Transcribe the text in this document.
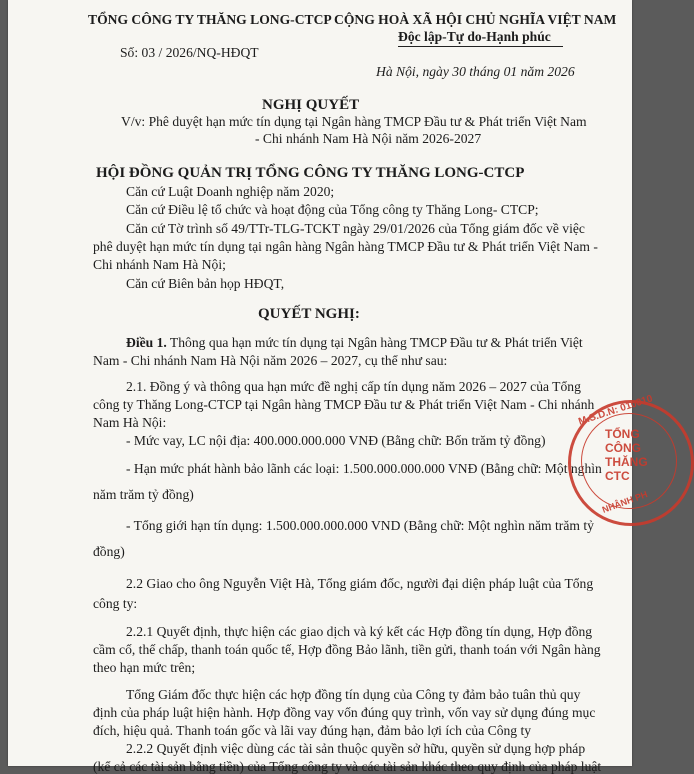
TỔNG CÔNG TY THĂNG LONG-CTCP
Số: 03 / 2026/NQ-HĐQT
CỘNG HOÀ XÃ HỘI CHỦ NGHĨA VIỆT NAM
Độc lập-Tự do-Hạnh phúc
Hà Nội, ngày 30 tháng 01 năm 2026
NGHỊ QUYẾT
V/v: Phê duyệt hạn mức tín dụng tại Ngân hàng TMCP Đầu tư & Phát triển Việt Nam
- Chi nhánh Nam Hà Nội năm 2026-2027
HỘI ĐỒNG QUẢN TRỊ TỔNG CÔNG TY THĂNG LONG-CTCP
Căn cứ Luật Doanh nghiệp năm 2020;
Căn cứ Điều lệ tổ chức và hoạt động của Tổng công ty Thăng Long- CTCP;
Căn cứ Tờ trình số 49/TTr-TLG-TCKT ngày 29/01/2026 của Tổng giám đốc về việc
phê duyệt hạn mức tín dụng tại ngân hàng Ngân hàng TMCP Đầu tư & Phát triển Việt Nam -
Chi nhánh Nam Hà Nội;
Căn cứ Biên bản họp HĐQT,
QUYẾT NGHỊ:
Điều 1. Thông qua hạn mức tín dụng tại Ngân hàng TMCP Đầu tư & Phát triển Việt
Nam - Chi nhánh Nam Hà Nội năm 2026 – 2027, cụ thể như sau:
2.1. Đồng ý và thông qua hạn mức đề nghị cấp tín dụng năm 2026 – 2027 của Tổng
công ty Thăng Long-CTCP tại Ngân hàng TMCP Đầu tư & Phát triển Việt Nam - Chi nhánh
Nam Hà Nội:
- Mức vay, LC nội địa: 400.000.000.000 VNĐ (Bằng chữ: Bốn trăm tỷ đồng)
- Hạn mức phát hành bảo lãnh các loại: 1.500.000.000.000 VNĐ (Bằng chữ: Một nghìn
năm trăm tỷ đồng)
- Tổng giới hạn tín dụng: 1.500.000.000.000 VND (Bằng chữ: Một nghìn năm trăm tỷ
đồng)
2.2 Giao cho ông Nguyễn Việt Hà, Tổng giám đốc, người đại diện pháp luật của Tổng
công ty:
2.2.1 Quyết định, thực hiện các giao dịch và ký kết các Hợp đồng tín dụng, Hợp đồng
cầm cố, thế chấp, thanh toán quốc tế, Hợp đồng Bảo lãnh, tiền gửi, thanh toán với Ngân hàng
theo hạn mức trên;
Tổng Giám đốc thực hiện các hợp đồng tín dụng của Công ty đảm bảo tuân thủ quy
định của pháp luật hiện hành. Hợp đồng vay vốn đúng quy trình, vốn vay sử dụng đúng mục
đích, hiệu quả. Thanh toán gốc và lãi vay đúng hạn, đảm bảo lợi ích của Công ty
2.2.2 Quyết định việc dùng các tài sản thuộc quyền sở hữu, quyền sử dụng hợp pháp
(kể cả các tài sản bằng tiền) của Tổng công ty và các tài sản khác theo quy định của pháp luật
M.S.D.N: 010010
TỔNG
CÔNG
THĂNG
CTC
NHÂNH PH
